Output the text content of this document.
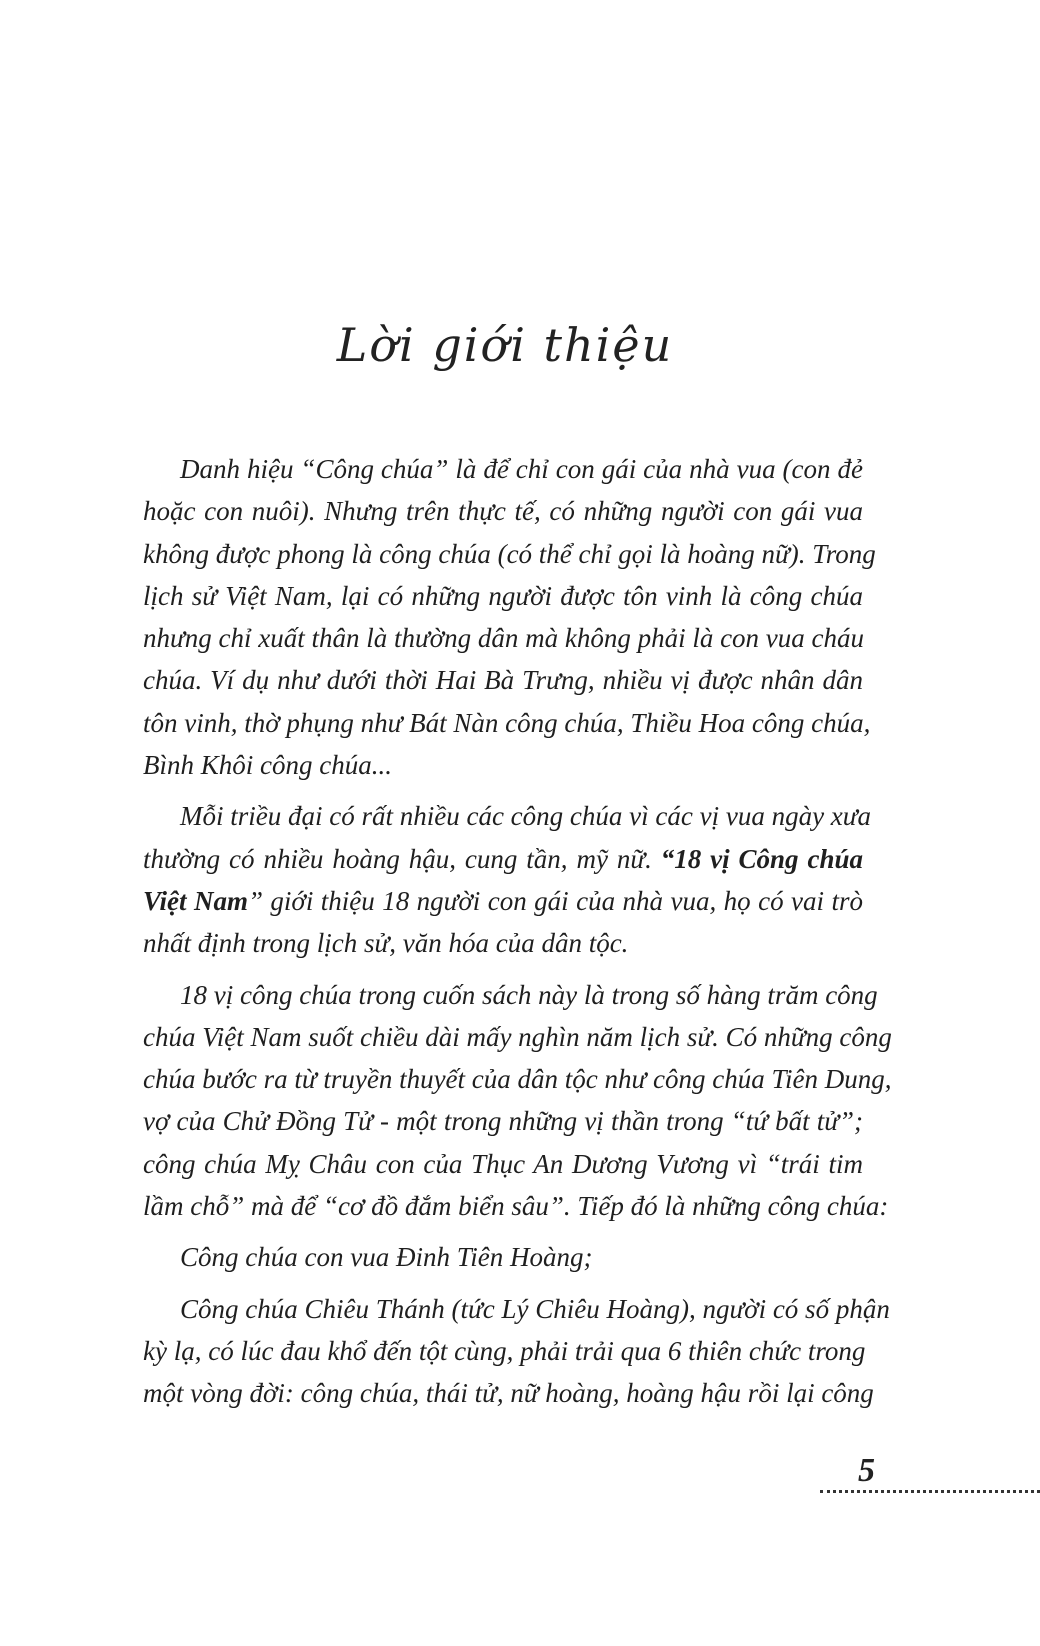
Lời giới thiệu
Danh hiệu “Công chúa” là để chỉ con gái của nhà vua (con đẻ
hoặc con nuôi). Nhưng trên thực tế, có những người con gái vua
không được phong là công chúa (có thể chỉ gọi là hoàng nữ). Trong
lịch sử Việt Nam, lại có những người được tôn vinh là công chúa
nhưng chỉ xuất thân là thường dân mà không phải là con vua cháu
chúa. Ví dụ như dưới thời Hai Bà Trưng, nhiều vị được nhân dân
tôn vinh, thờ phụng như Bát Nàn công chúa, Thiều Hoa công chúa,
Bình Khôi công chúa...
Mỗi triều đại có rất nhiều các công chúa vì các vị vua ngày xưa
thường có nhiều hoàng hậu, cung tần, mỹ nữ. “18 vị Công chúa
Việt Nam” giới thiệu 18 người con gái của nhà vua, họ có vai trò
nhất định trong lịch sử, văn hóa của dân tộc.
18 vị công chúa trong cuốn sách này là trong số hàng trăm công
chúa Việt Nam suốt chiều dài mấy nghìn năm lịch sử. Có những công
chúa bước ra từ truyền thuyết của dân tộc như công chúa Tiên Dung,
vợ của Chử Đồng Tử - một trong những vị thần trong “tứ bất tử”;
công chúa Mỵ Châu con của Thục An Dương Vương vì “trái tim
lầm chỗ” mà để “cơ đồ đắm biển sâu”. Tiếp đó là những công chúa:
Công chúa con vua Đinh Tiên Hoàng;
Công chúa Chiêu Thánh (tức Lý Chiêu Hoàng), người có số phận
kỳ lạ, có lúc đau khổ đến tột cùng, phải trải qua 6 thiên chức trong
một vòng đời: công chúa, thái tử, nữ hoàng, hoàng hậu rồi lại công
5
